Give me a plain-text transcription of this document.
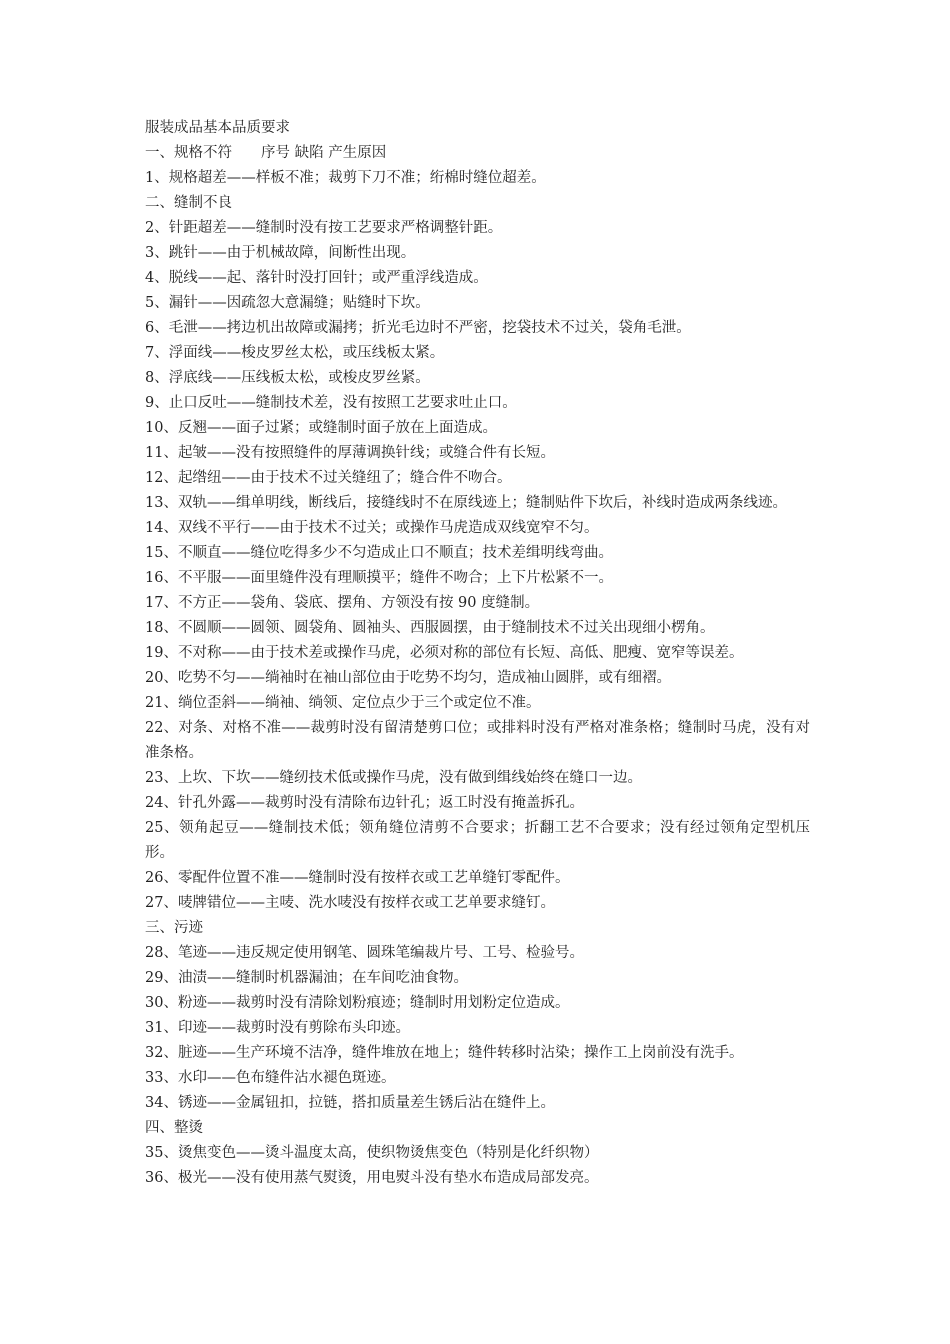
服装成品基本品质要求
一、规格不符　　序号 缺陷 产生原因
1、规格超差——样板不准；裁剪下刀不准；绗棉时缝位超差。
二、缝制不良
2、针距超差——缝制时没有按工艺要求严格调整针距。
3、跳针——由于机械故障，间断性出现。
4、脱线——起、落针时没打回针；或严重浮线造成。
5、漏针——因疏忽大意漏缝；贴缝时下坎。
6、毛泄——拷边机出故障或漏拷；折光毛边时不严密，挖袋技术不过关，袋角毛泄。
7、浮面线——梭皮罗丝太松，或压线板太紧。
8、浮底线——压线板太松，或梭皮罗丝紧。
9、止口反吐——缝制技术差，没有按照工艺要求吐止口。
10、反翘——面子过紧；或缝制时面子放在上面造成。
11、起皱——没有按照缝件的厚薄调换针线；或缝合件有长短。
12、起绺纽——由于技术不过关缝纽了；缝合件不吻合。
13、双轨——缉单明线，断线后，接缝线时不在原线迹上；缝制贴件下坎后，补线时造成两条线迹。
14、双线不平行——由于技术不过关；或操作马虎造成双线宽窄不匀。
15、不顺直——缝位吃得多少不匀造成止口不顺直；技术差缉明线弯曲。
16、不平服——面里缝件没有理顺摸平；缝件不吻合；上下片松紧不一。
17、不方正——袋角、袋底、摆角、方领没有按 90 度缝制。
18、不圆顺——圆领、圆袋角、圆袖头、西服圆摆，由于缝制技术不过关出现细小楞角。
19、不对称——由于技术差或操作马虎，必须对称的部位有长短、高低、肥瘦、宽窄等误差。
20、吃势不匀——绱袖时在袖山部位由于吃势不均匀，造成袖山圆胖，或有细褶。
21、绱位歪斜——绱袖、绱领、定位点少于三个或定位不准。
22、对条、对格不准——裁剪时没有留清楚剪口位；或排料时没有严格对准条格；缝制时马虎，没有对准条格。
23、上坎、下坎——缝纫技术低或操作马虎，没有做到缉线始终在缝口一边。
24、针孔外露——裁剪时没有清除布边针孔；返工时没有掩盖拆孔。
25、领角起豆——缝制技术低；领角缝位清剪不合要求；折翻工艺不合要求；没有经过领角定型机压形。
26、零配件位置不准——缝制时没有按样衣或工艺单缝钉零配件。
27、唛牌错位——主唛、洗水唛没有按样衣或工艺单要求缝钉。
三、污迹
28、笔迹——违反规定使用钢笔、圆珠笔编裁片号、工号、检验号。
29、油渍——缝制时机器漏油；在车间吃油食物。
30、粉迹——裁剪时没有清除划粉痕迹；缝制时用划粉定位造成。
31、印迹——裁剪时没有剪除布头印迹。
32、脏迹——生产环境不洁净，缝件堆放在地上；缝件转移时沾染；操作工上岗前没有洗手。
33、水印——色布缝件沾水褪色斑迹。
34、锈迹——金属钮扣，拉链，搭扣质量差生锈后沾在缝件上。
四、整烫
35、烫焦变色——烫斗温度太高，使织物烫焦变色（特别是化纤织物）
36、极光——没有使用蒸气熨烫，用电熨斗没有垫水布造成局部发亮。
